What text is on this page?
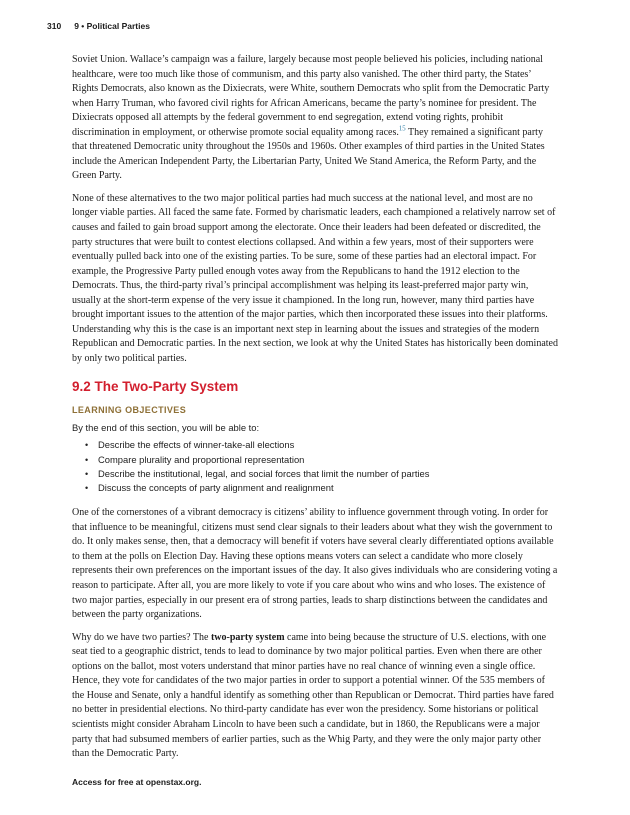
310 9 • Political Parties

Soviet Union. Wallace’s campaign was a failure, largely because most people believed his policies, including national healthcare, were too much like those of communism, and this party also vanished. The other third party, the States’ Rights Democrats, also known as the Dixiecrats, were White, southern Democrats who split from the Democratic Party when Harry Truman, who favored civil rights for African Americans, became the party’s nominee for president. The Dixiecrats opposed all attempts by the federal government to end segregation, extend voting rights, prohibit discrimination in employment, or otherwise promote social equality among races.$^{15}$ They remained a significant party that threatened Democratic unity throughout the 1950s and 1960s. Other examples of third parties in the United States include the American Independent Party, the Libertarian Party, United We Stand America, the Reform Party, and the Green Party.

None of these alternatives to the two major political parties had much success at the national level, and most are no longer viable parties. All faced the same fate. Formed by charismatic leaders, each championed a relatively narrow set of causes and failed to gain broad support among the electorate. Once their leaders had been defeated or discredited, the party structures that were built to contest elections collapsed. And within a few years, most of their supporters were eventually pulled back into one of the existing parties. To be sure, some of these parties had an electoral impact. For example, the Progressive Party pulled enough votes away from the Republicans to hand the 1912 election to the Democrats. Thus, the third-party rival’s principal accomplishment was helping its least-preferred major party win, usually at the short-term expense of the very issue it championed. In the long run, however, many third parties have brought important issues to the attention of the major parties, which then incorporated these issues into their platforms. Understanding why this is the case is an important next step in learning about the issues and strategies of the modern Republican and Democratic parties. In the next section, we look at why the United States has historically been dominated by only two political parties.

9.2 The Two-Party System
LEARNING OBJECTIVES

By the end of this section, you will be able to:

• Describe the effects of winner-take-all elections
• Compare plurality and proportional representation
• Describe the institutional, legal, and social forces that limit the number of parties
• Discuss the concepts of party alignment and realignment

One of the cornerstones of a vibrant democracy is citizens’ ability to influence government through voting. In order for that influence to be meaningful, citizens must send clear signals to their leaders about what they wish the government to do. It only makes sense, then, that a democracy will benefit if voters have several clearly differentiated options available to them at the polls on Election Day. Having these options means voters can select a candidate who more closely represents their own preferences on the important issues of the day. It also gives individuals who are considering voting a reason to participate. After all, you are more likely to vote if you care about who wins and who loses. The existence of two major parties, especially in our present era of strong parties, leads to sharp distinctions between the candidates and between the party organizations.

Why do we have two parties? The two-party system came into being because the structure of U.S. elections, with one seat tied to a geographic district, tends to lead to dominance by two major political parties. Even when there are other options on the ballot, most voters understand that minor parties have no real chance of winning even a single office. Hence, they vote for candidates of the two major parties in order to support a potential winner. Of the 535 members of the House and Senate, only a handful identify as something other than Republican or Democrat. Third parties have fared no better in presidential elections. No third-party candidate has ever won the presidency. Some historians or political scientists might consider Abraham Lincoln to have been such a candidate, but in 1860, the Republicans were a major party that had subsumed members of earlier parties, such as the Whig Party, and they were the only major party other than the Democratic Party.

Access for free at openstax.org.
